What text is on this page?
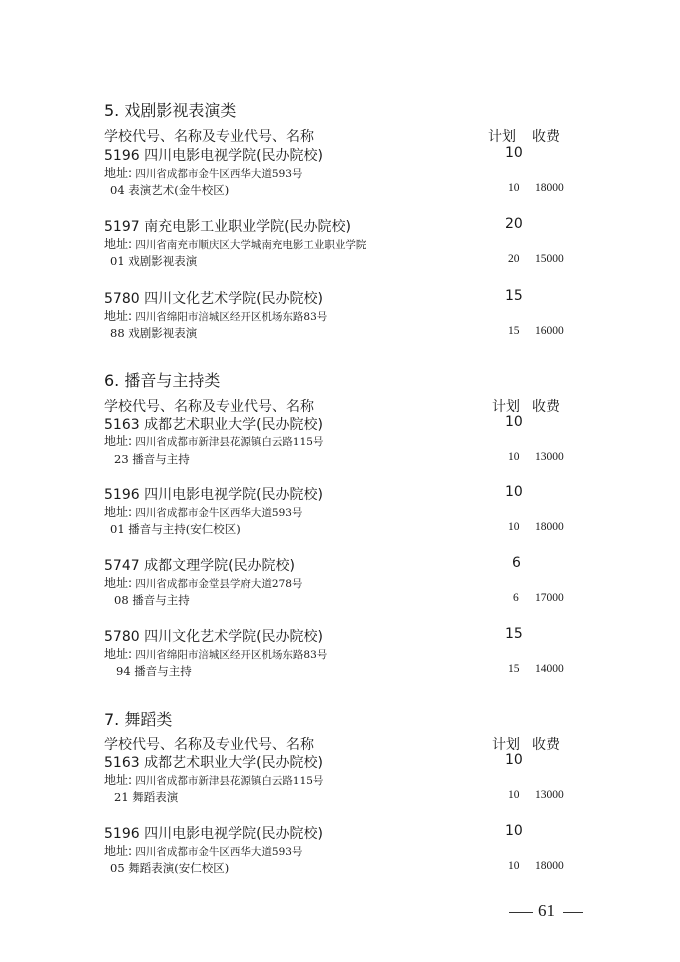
5. 戏剧影视表演类
学校代号、名称及专业代号、名称	计划 收费
5196 四川电影电视学院(民办院校)	10
地址: 四川省成都市金牛区西华大道593号
04 表演艺术(金牛校区)	10 18000
5197 南充电影工业职业学院(民办院校)	20
地址: 四川省南充市顺庆区大学城南充电影工业职业学院
01 戏剧影视表演	20 15000
5780 四川文化艺术学院(民办院校)	15
地址: 四川省绵阳市涪城区经开区机场东路83号
88 戏剧影视表演	15 16000
6. 播音与主持类
学校代号、名称及专业代号、名称	计划 收费
5163 成都艺术职业大学(民办院校)	10
地址: 四川省成都市新津县花源镇白云路115号
23 播音与主持	10 13000
5196 四川电影电视学院(民办院校)	10
地址: 四川省成都市金牛区西华大道593号
01 播音与主持(安仁校区)	10 18000
5747 成都文理学院(民办院校)	6
地址: 四川省成都市金堂县学府大道278号
08 播音与主持	6 17000
5780 四川文化艺术学院(民办院校)	15
地址: 四川省绵阳市涪城区经开区机场东路83号
94 播音与主持	15 14000
7. 舞蹈类
学校代号、名称及专业代号、名称	计划 收费
5163 成都艺术职业大学(民办院校)	10
地址: 四川省成都市新津县花源镇白云路115号
21 舞蹈表演	10 13000
5196 四川电影电视学院(民办院校)	10
地址: 四川省成都市金牛区西华大道593号
05 舞蹈表演(安仁校区)	10 18000
61
